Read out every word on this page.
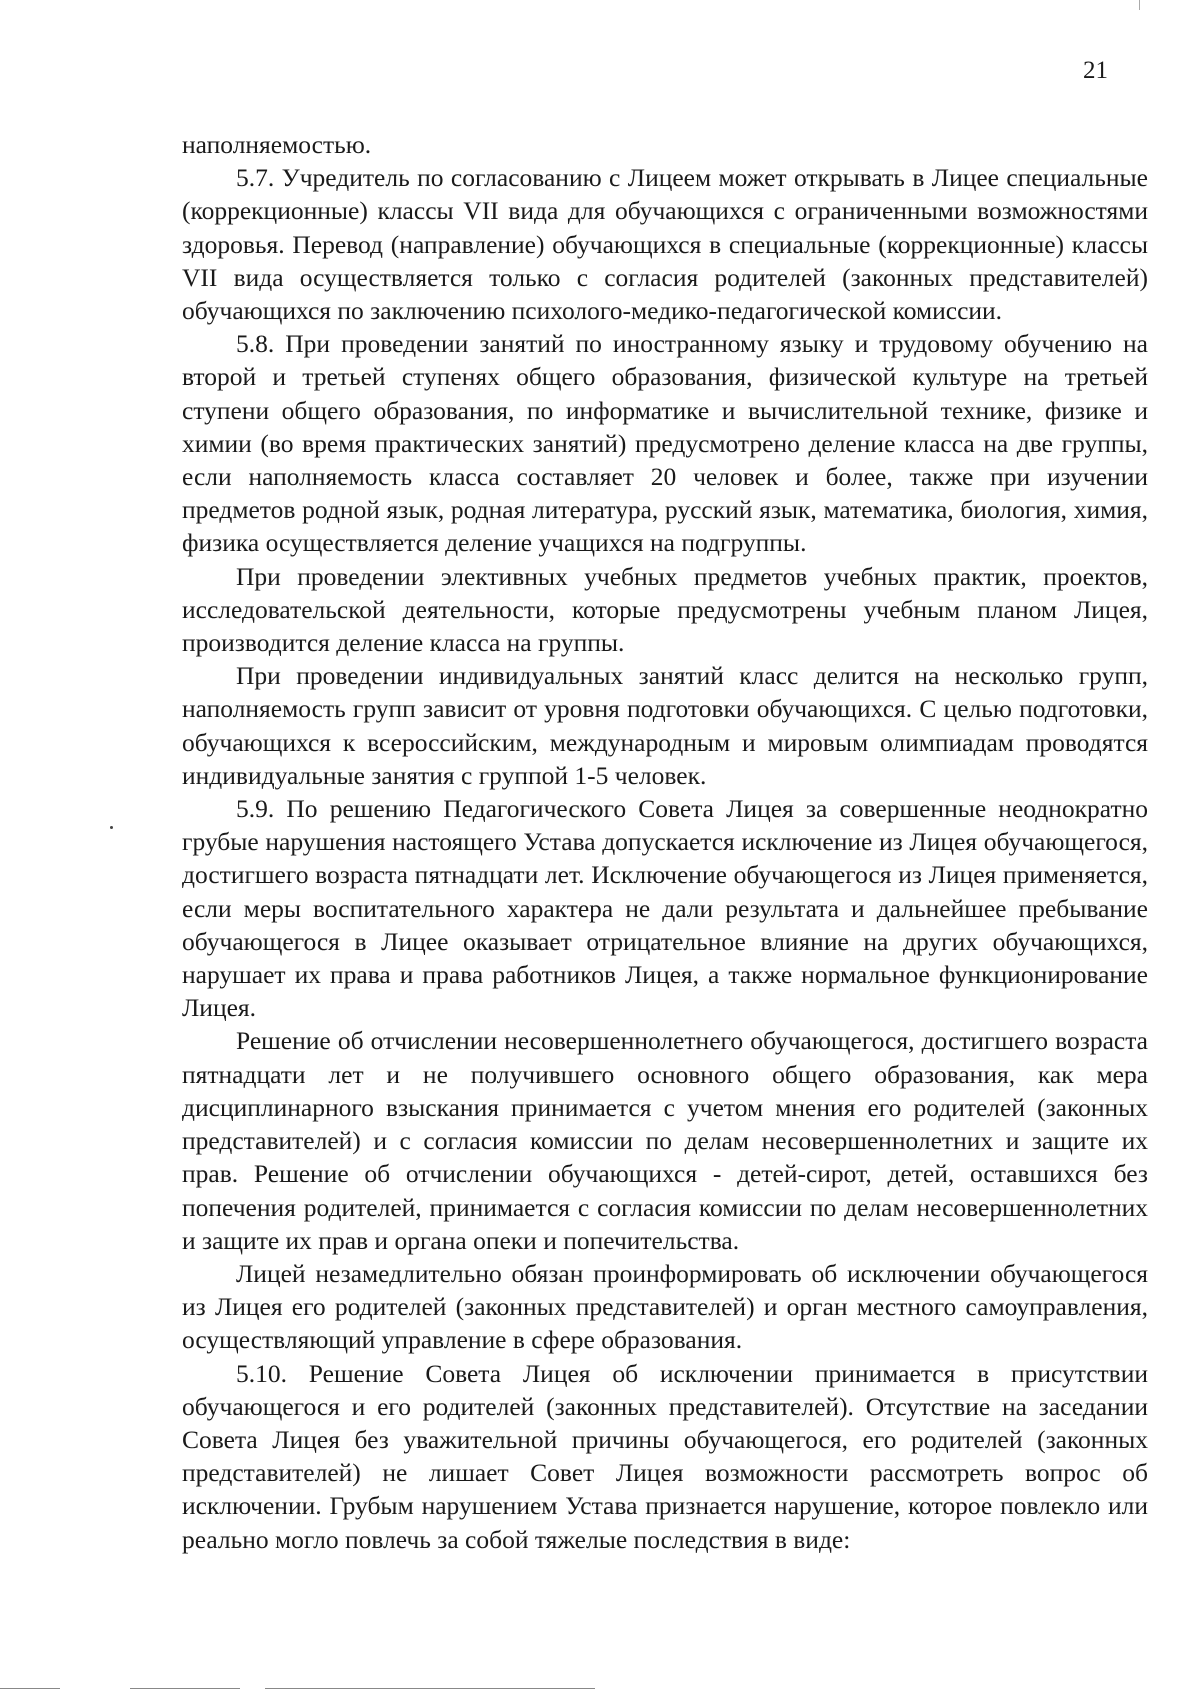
21

наполняемостью.

5.7. Учредитель по согласованию с Лицеем может открывать в Лицее специальные (коррекционные) классы VII вида для обучающихся с ограниченными возможностями здоровья. Перевод (направление) обучающихся в специальные (коррекционные) классы VII вида осуществляется только с согласия родителей (законных представителей) обучающихся по заключению психолого-медико-педагогической комиссии.

5.8. При проведении занятий по иностранному языку и трудовому обучению на второй и третьей ступенях общего образования, физической культуре на третьей ступени общего образования, по информатике и вычислительной технике, физике и химии (во время практических занятий) предусмотрено деление класса на две группы, если наполняемость класса составляет 20 человек и более, также при изучении предметов родной язык, родная литература, русский язык, математика, биология, химия, физика осуществляется деление учащихся на подгруппы.

При проведении элективных учебных предметов учебных практик, проектов, исследовательской деятельности, которые предусмотрены учебным планом Лицея, производится деление класса на группы.

При проведении индивидуальных занятий класс делится на несколько групп, наполняемость групп зависит от уровня подготовки обучающихся. С целью подготовки, обучающихся к всероссийским, международным и мировым олимпиадам проводятся индивидуальные занятия с группой 1-5 человек.

5.9. По решению Педагогического Совета Лицея за совершенные неоднократно грубые нарушения настоящего Устава допускается исключение из Лицея обучающегося, достигшего возраста пятнадцати лет. Исключение обучающегося из Лицея применяется, если меры воспитательного характера не дали результата и дальнейшее пребывание обучающегося в Лицее оказывает отрицательное влияние на других обучающихся, нарушает их права и права работников Лицея, а также нормальное функционирование Лицея.

Решение об отчислении несовершеннолетнего обучающегося, достигшего возраста пятнадцати лет и не получившего основного общего образования, как мера дисциплинарного взыскания принимается с учетом мнения его родителей (законных представителей) и с согласия комиссии по делам несовершеннолетних и защите их прав. Решение об отчислении обучающихся - детей-сирот, детей, оставшихся без попечения родителей, принимается с согласия комиссии по делам несовершеннолетних и защите их прав и органа опеки и попечительства.

Лицей незамедлительно обязан проинформировать об исключении обучающегося из Лицея его родителей (законных представителей) и орган местного самоуправления, осуществляющий управление в сфере образования.

5.10. Решение Совета Лицея об исключении принимается в присутствии обучающегося и его родителей (законных представителей). Отсутствие на заседании Совета Лицея без уважительной причины обучающегося, его родителей (законных представителей) не лишает Совет Лицея возможности рассмотреть вопрос об исключении. Грубым нарушением Устава признается нарушение, которое повлекло или реально могло повлечь за собой тяжелые последствия в виде:
